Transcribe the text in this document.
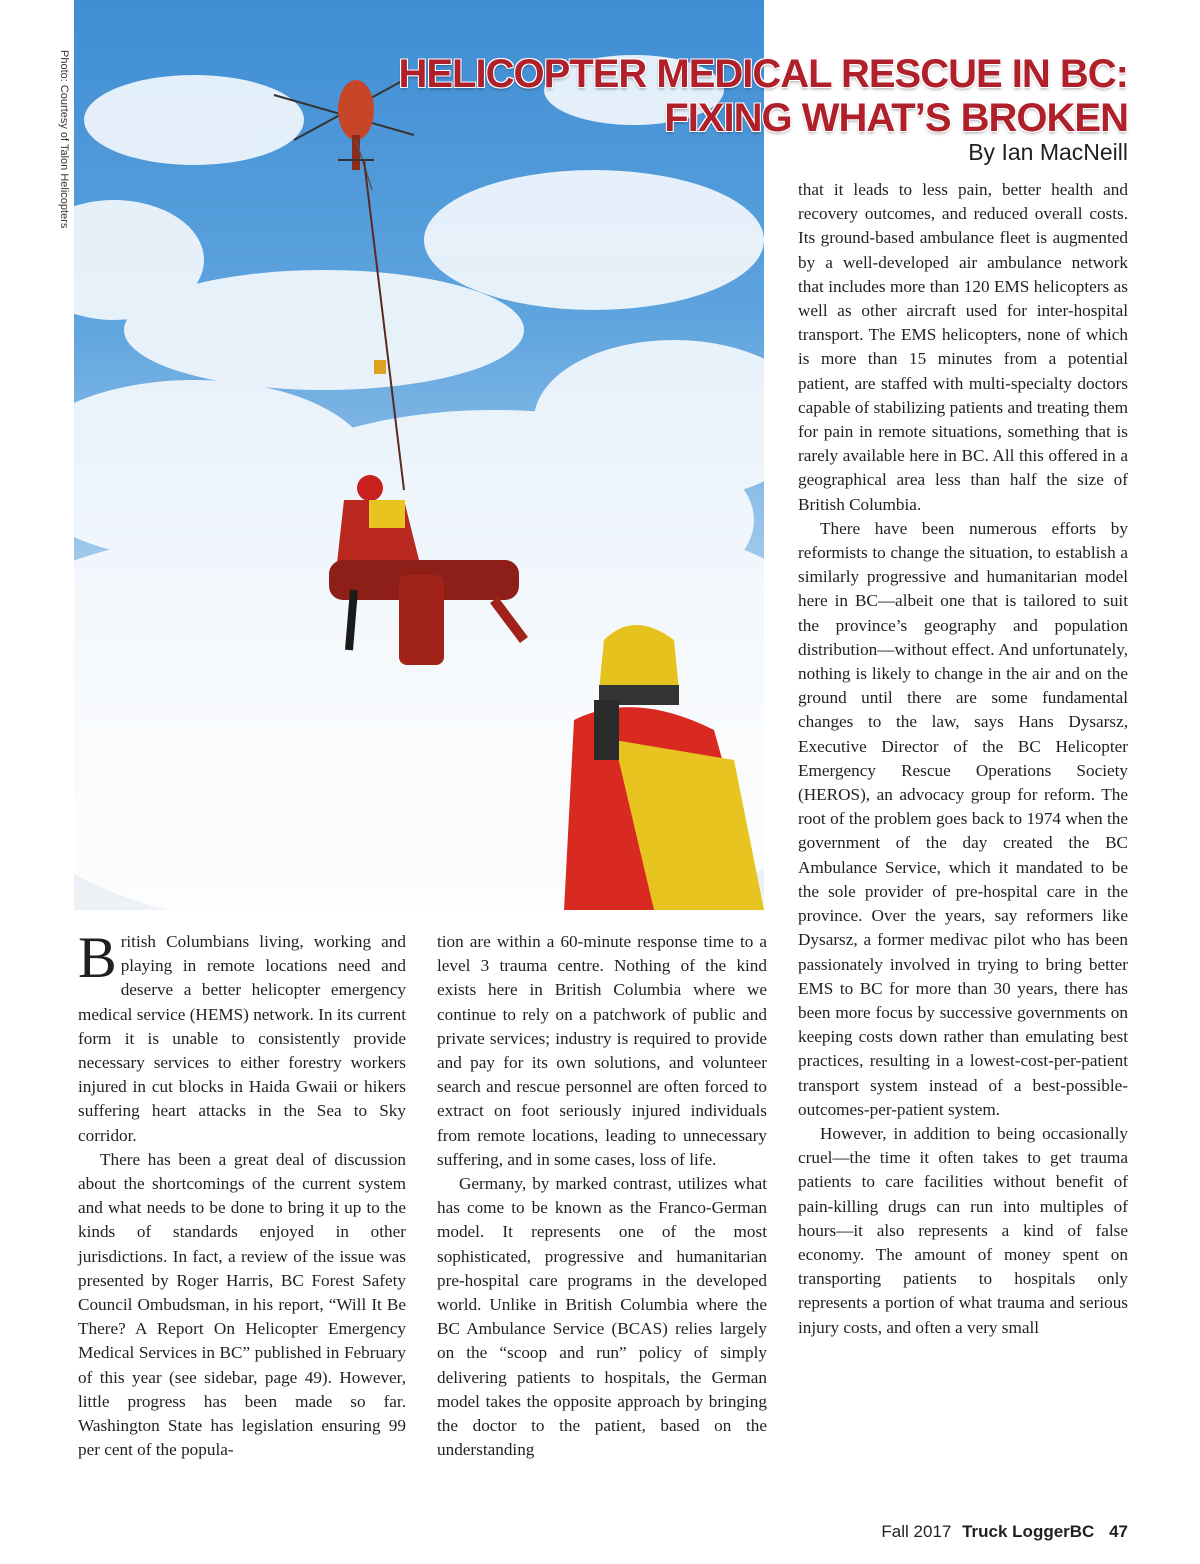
Photo: Courtesy of Talon Helicopters	HELICOPTER MEDICAL RESCUE IN BC:
FIXING WHAT’S BROKEN
By Ian MacNeill

British Columbians living, working and playing in remote locations need and deserve a better helicopter emergency medical service (HEMS) network. In its current form it is unable to consistently provide necessary services to either forestry workers injured in cut blocks in Haida Gwaii or hikers suffering heart attacks in the Sea to Sky corridor.

There has been a great deal of discussion about the shortcomings of the current system and what needs to be done to bring it up to the kinds of standards enjoyed in other jurisdictions. In fact, a review of the issue was presented by Roger Harris, BC Forest Safety Council Ombudsman, in his report, “Will It Be There? A Report On Helicopter Emergency Medical Services in BC” published in February of this year (see sidebar, page 49). However, little progress has been made so far. Washington State has legislation ensuring 99 per cent of the popula-

tion are within a 60-minute response time to a level 3 trauma centre. Nothing of the kind exists here in British Columbia where we continue to rely on a patchwork of public and private services; industry is required to provide and pay for its own solutions, and volunteer search and rescue personnel are often forced to extract on foot seriously injured individuals from remote locations, leading to unnecessary suffering, and in some cases, loss of life.

Germany, by marked contrast, utilizes what has come to be known as the Franco-German model. It represents one of the most sophisticated, progressive and humanitarian pre-hospital care programs in the developed world. Unlike in British Columbia where the BC Ambulance Service (BCAS) relies largely on the “scoop and run” policy of simply delivering patients to hospitals, the German model takes the opposite approach by bringing the doctor to the patient, based on the understanding

that it leads to less pain, better health and recovery outcomes, and reduced overall costs. Its ground-based ambulance fleet is augmented by a well-developed air ambulance network that includes more than 120 EMS helicopters as well as other aircraft used for inter-hospital transport. The EMS helicopters, none of which is more than 15 minutes from a potential patient, are staffed with multi-specialty doctors capable of stabilizing patients and treating them for pain in remote situations, something that is rarely available here in BC. All this offered in a geographical area less than half the size of British Columbia.

There have been numerous efforts by reformists to change the situation, to establish a similarly progressive and humanitarian model here in BC—albeit one that is tailored to suit the province’s geography and population distribution—without effect. And unfortunately, nothing is likely to change in the air and on the ground until there are some fundamental changes to the law, says Hans Dysarsz, Executive Director of the BC Helicopter Emergency Rescue Operations Society (HEROS), an advocacy group for reform. The root of the problem goes back to 1974 when the government of the day created the BC Ambulance Service, which it mandated to be the sole provider of pre-hospital care in the province. Over the years, say reformers like Dysarsz, a former medivac pilot who has been passionately involved in trying to bring better EMS to BC for more than 30 years, there has been more focus by successive governments on keeping costs down rather than emulating best practices, resulting in a lowest-cost-per-patient transport system instead of a best-possible-outcomes-per-patient system.

However, in addition to being occasionally cruel—the time it often takes to get trauma patients to care facilities without benefit of pain-killing drugs can run into multiples of hours—it also represents a kind of false economy. The amount of money spent on transporting patients to hospitals only represents a portion of what trauma and serious injury costs, and often a very small

Fall 2017 Truck LoggerBC 47
